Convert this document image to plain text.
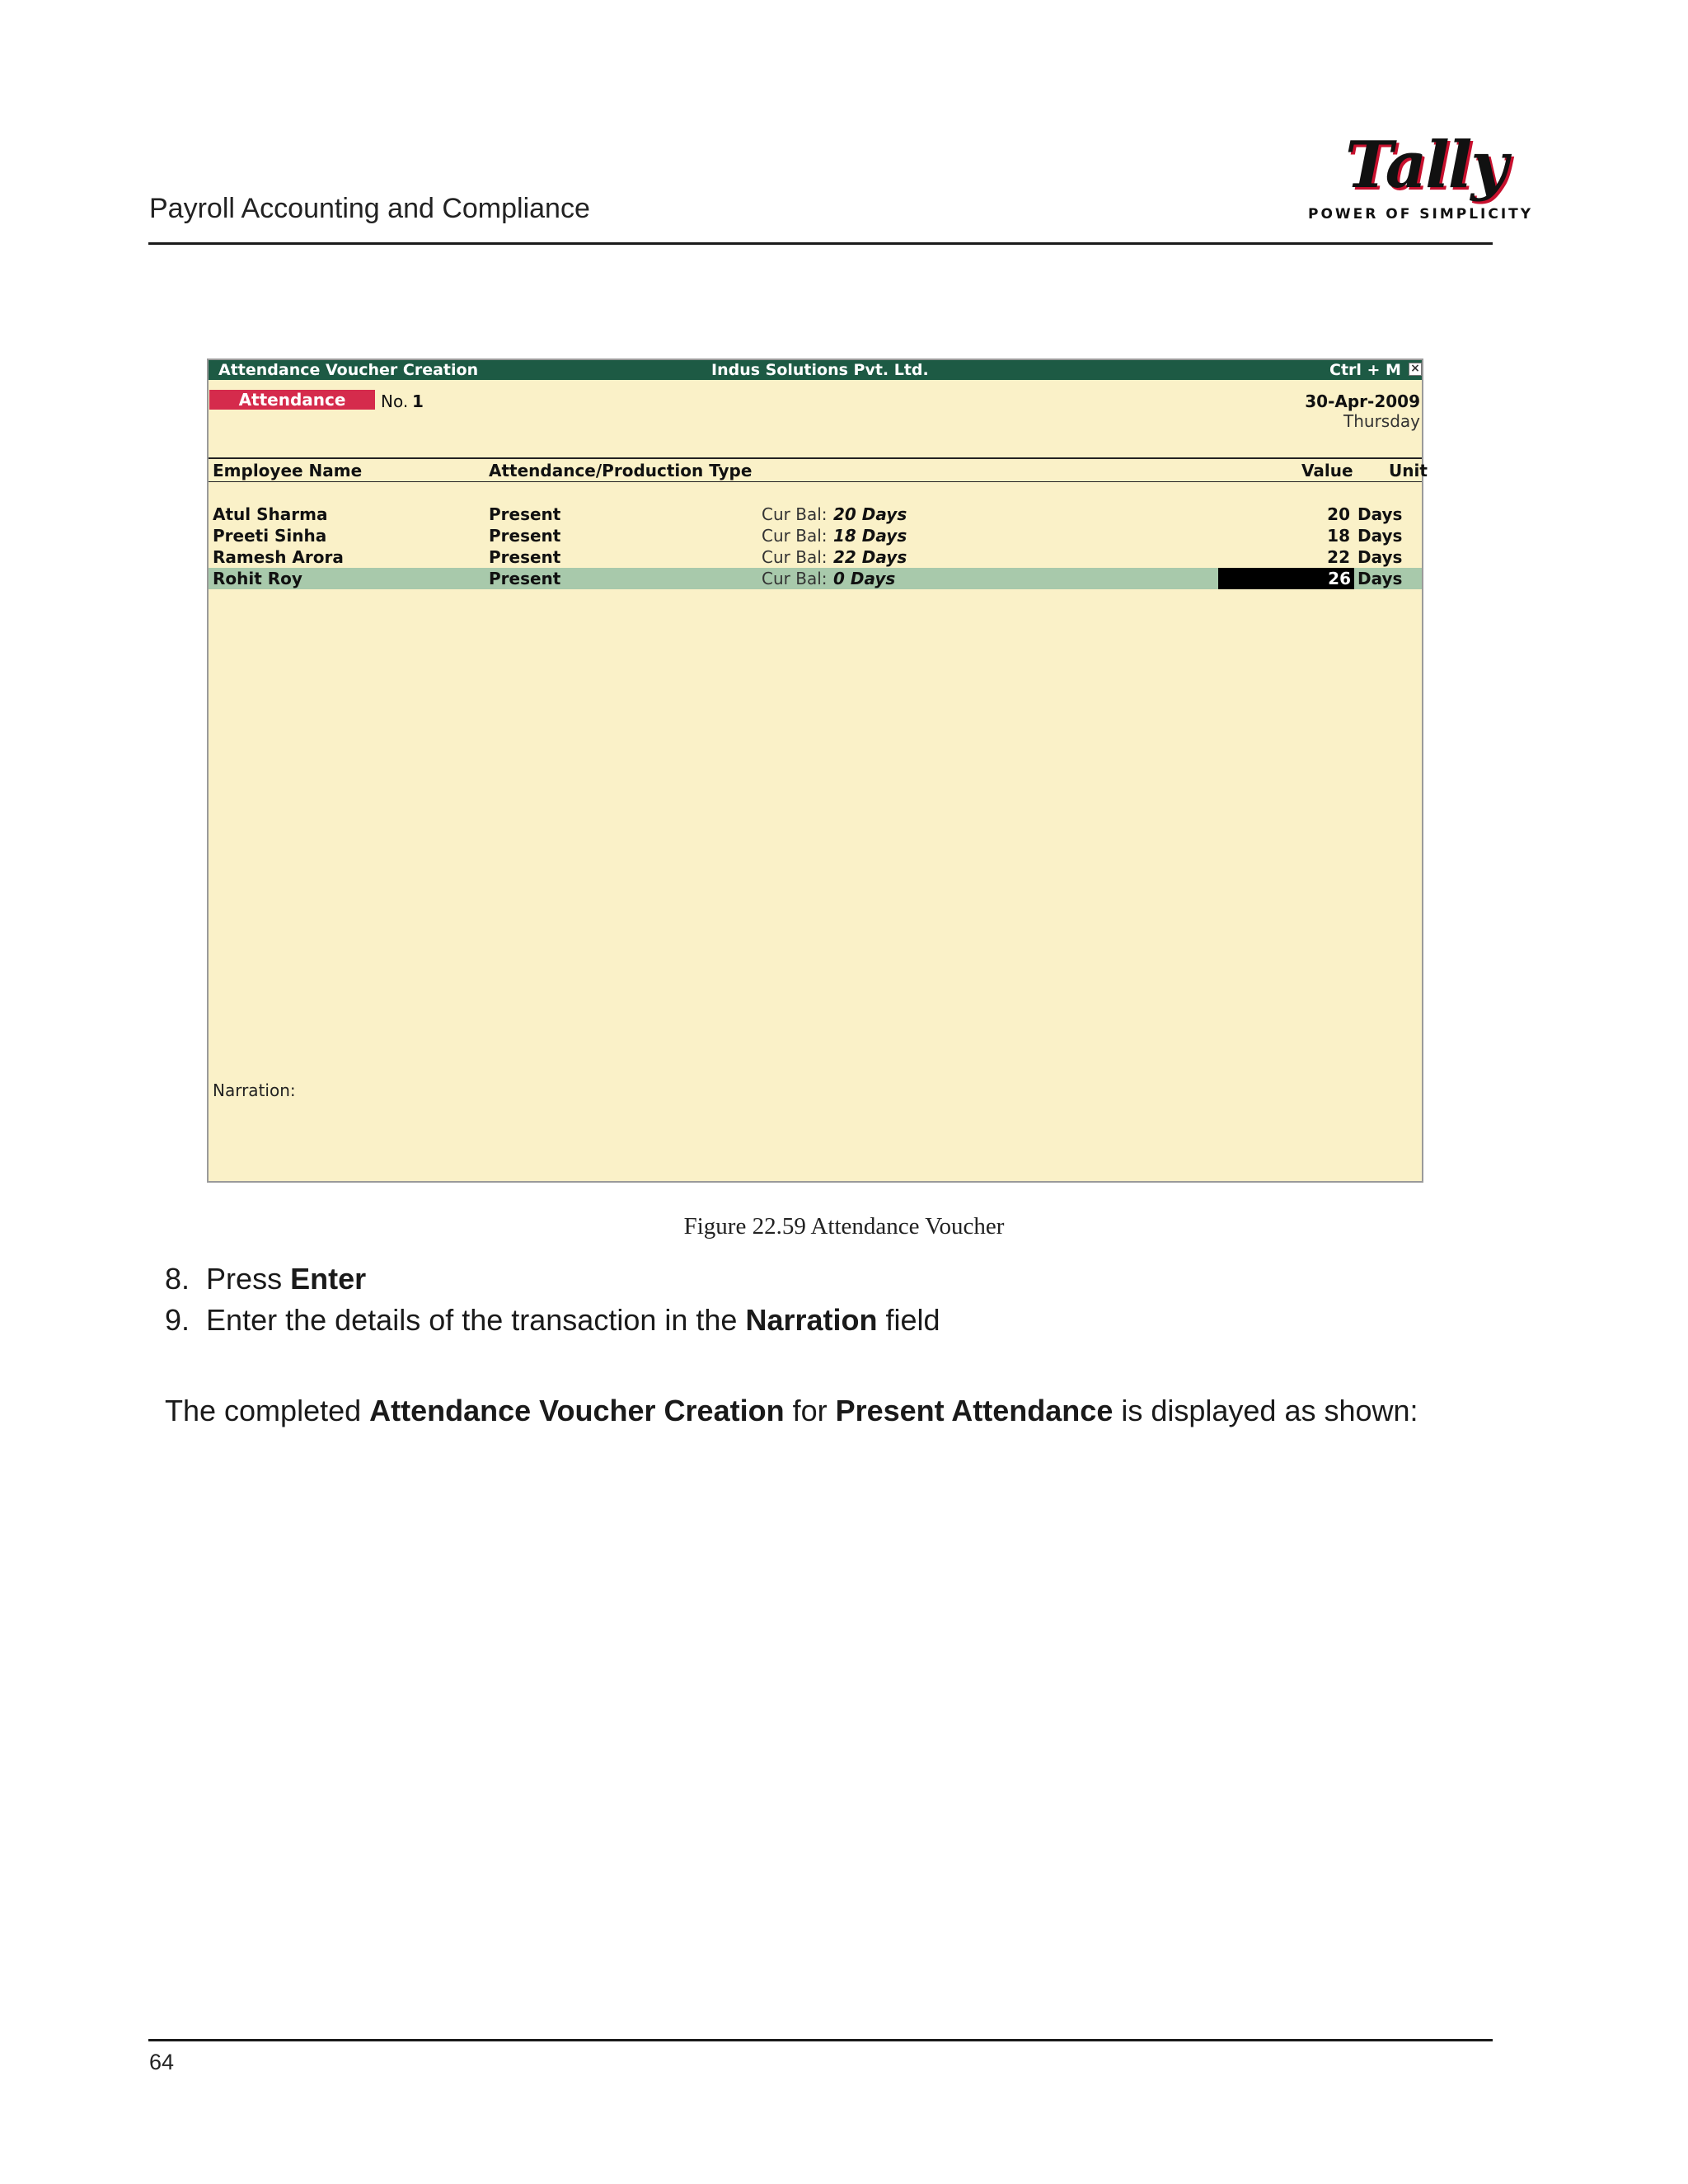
Payroll Accounting and Compliance
Tally
POWER OF SIMPLICITY
Attendance Voucher Creation	Indus Solutions Pvt. Ltd.	Ctrl + M ×
Attendance	No. 1	30-Apr-2009
Thursday
Employee Name	Attendance/Production Type	Value Unit
Atul Sharma	Present	Cur Bal: 20 Days	20 Days
Preeti Sinha	Present	Cur Bal: 18 Days	18 Days
Ramesh Arora	Present	Cur Bal: 22 Days	22 Days
Rohit Roy	Present	Cur Bal: 0 Days	26 Days
Narration:
Figure 22.59 Attendance Voucher
8. Press Enter
9. Enter the details of the transaction in the Narration field
The completed Attendance Voucher Creation for Present Attendance is displayed as shown:
64
